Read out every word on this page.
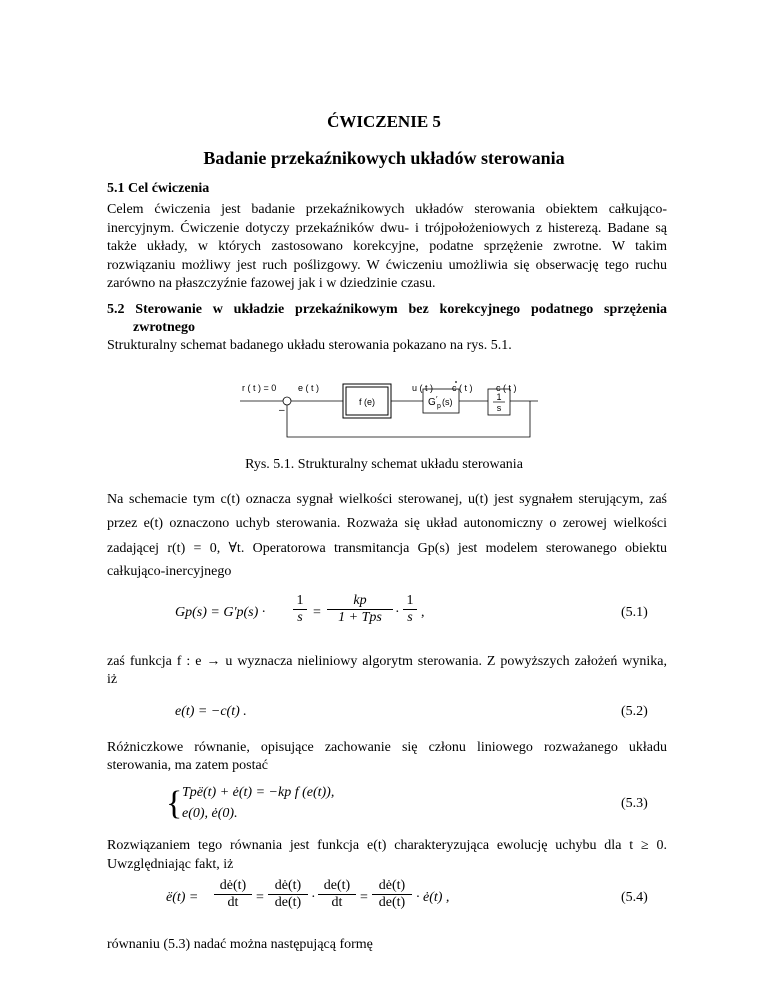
ĆWICZENIE 5
Badanie przekaźnikowych układów sterowania
5.1 Cel ćwiczenia
Celem ćwiczenia jest badanie przekaźnikowych układów sterowania obiektem całkująco-inercyjnym. Ćwiczenie dotyczy przekaźników dwu- i trójpołożeniowych z histerezą. Badane są także układy, w których zastosowano korekcyjne, podatne sprzężenie zwrotne. W takim rozwiązaniu możliwy jest ruch poślizgowy. W ćwiczeniu umożliwia się obserwację tego ruchu zarówno na płaszczyźnie fazowej jak i w dziedzinie czasu.
5.2 Sterowanie w układzie przekaźnikowym bez korekcyjnego podatnego sprzężenia
zwrotnego
Strukturalny schemat badanego układu sterowania pokazano na rys. 5.1.
r ( t ) = 0 e ( t )	u ( t )	c ( t )
c ( t )
–
f (e)	G ′
p (s)	1
s
Rys. 5.1. Strukturalny schemat układu sterowania
Na schemacie tym c(t) oznacza sygnał wielkości sterowanej, u(t) jest sygnałem sterującym, zaś
przez e(t) oznaczono uchyb sterowania. Rozważa się układ autonomiczny o zerowej wielkości
zadającej r(t) = 0, ∀t. Operatorowa transmitancja Gp(s) jest modelem sterowanego obiektu
całkująco-inercyjnego
$Gp(s) = G'p(s) \cdot \frac{1}{s}$ =
kp
1 + Tps · $\frac{1}{s}$ ,	(5.1)
zaś funkcja f : e → u wyznacza nieliniowy algorytm sterowania. Z powyższych założeń wynika,
iż
e(t) = −c(t) .	(5.2)
Różniczkowe równanie, opisujące zachowanie się członu liniowego rozważanego układu
sterowania, ma zatem postać
{ Tpë(t) + ė(t) = −kp f (e(t)),
e(0), ė(0).
(5.3)
Rozwiązaniem tego równania jest funkcja e(t) charakteryzująca ewolucję uchybu dla t ≥ 0.
Uwzględniając fakt, iż
ë(t) = $\frac{dė(t)}{dt} = \frac{dė(t)}{de(t)} \cdot \frac{de(t)}{dt} = \frac{dė(t)}{de(t)}$ · ė(t) ,	(5.4)
równaniu (5.3) nadać można następującą formę
